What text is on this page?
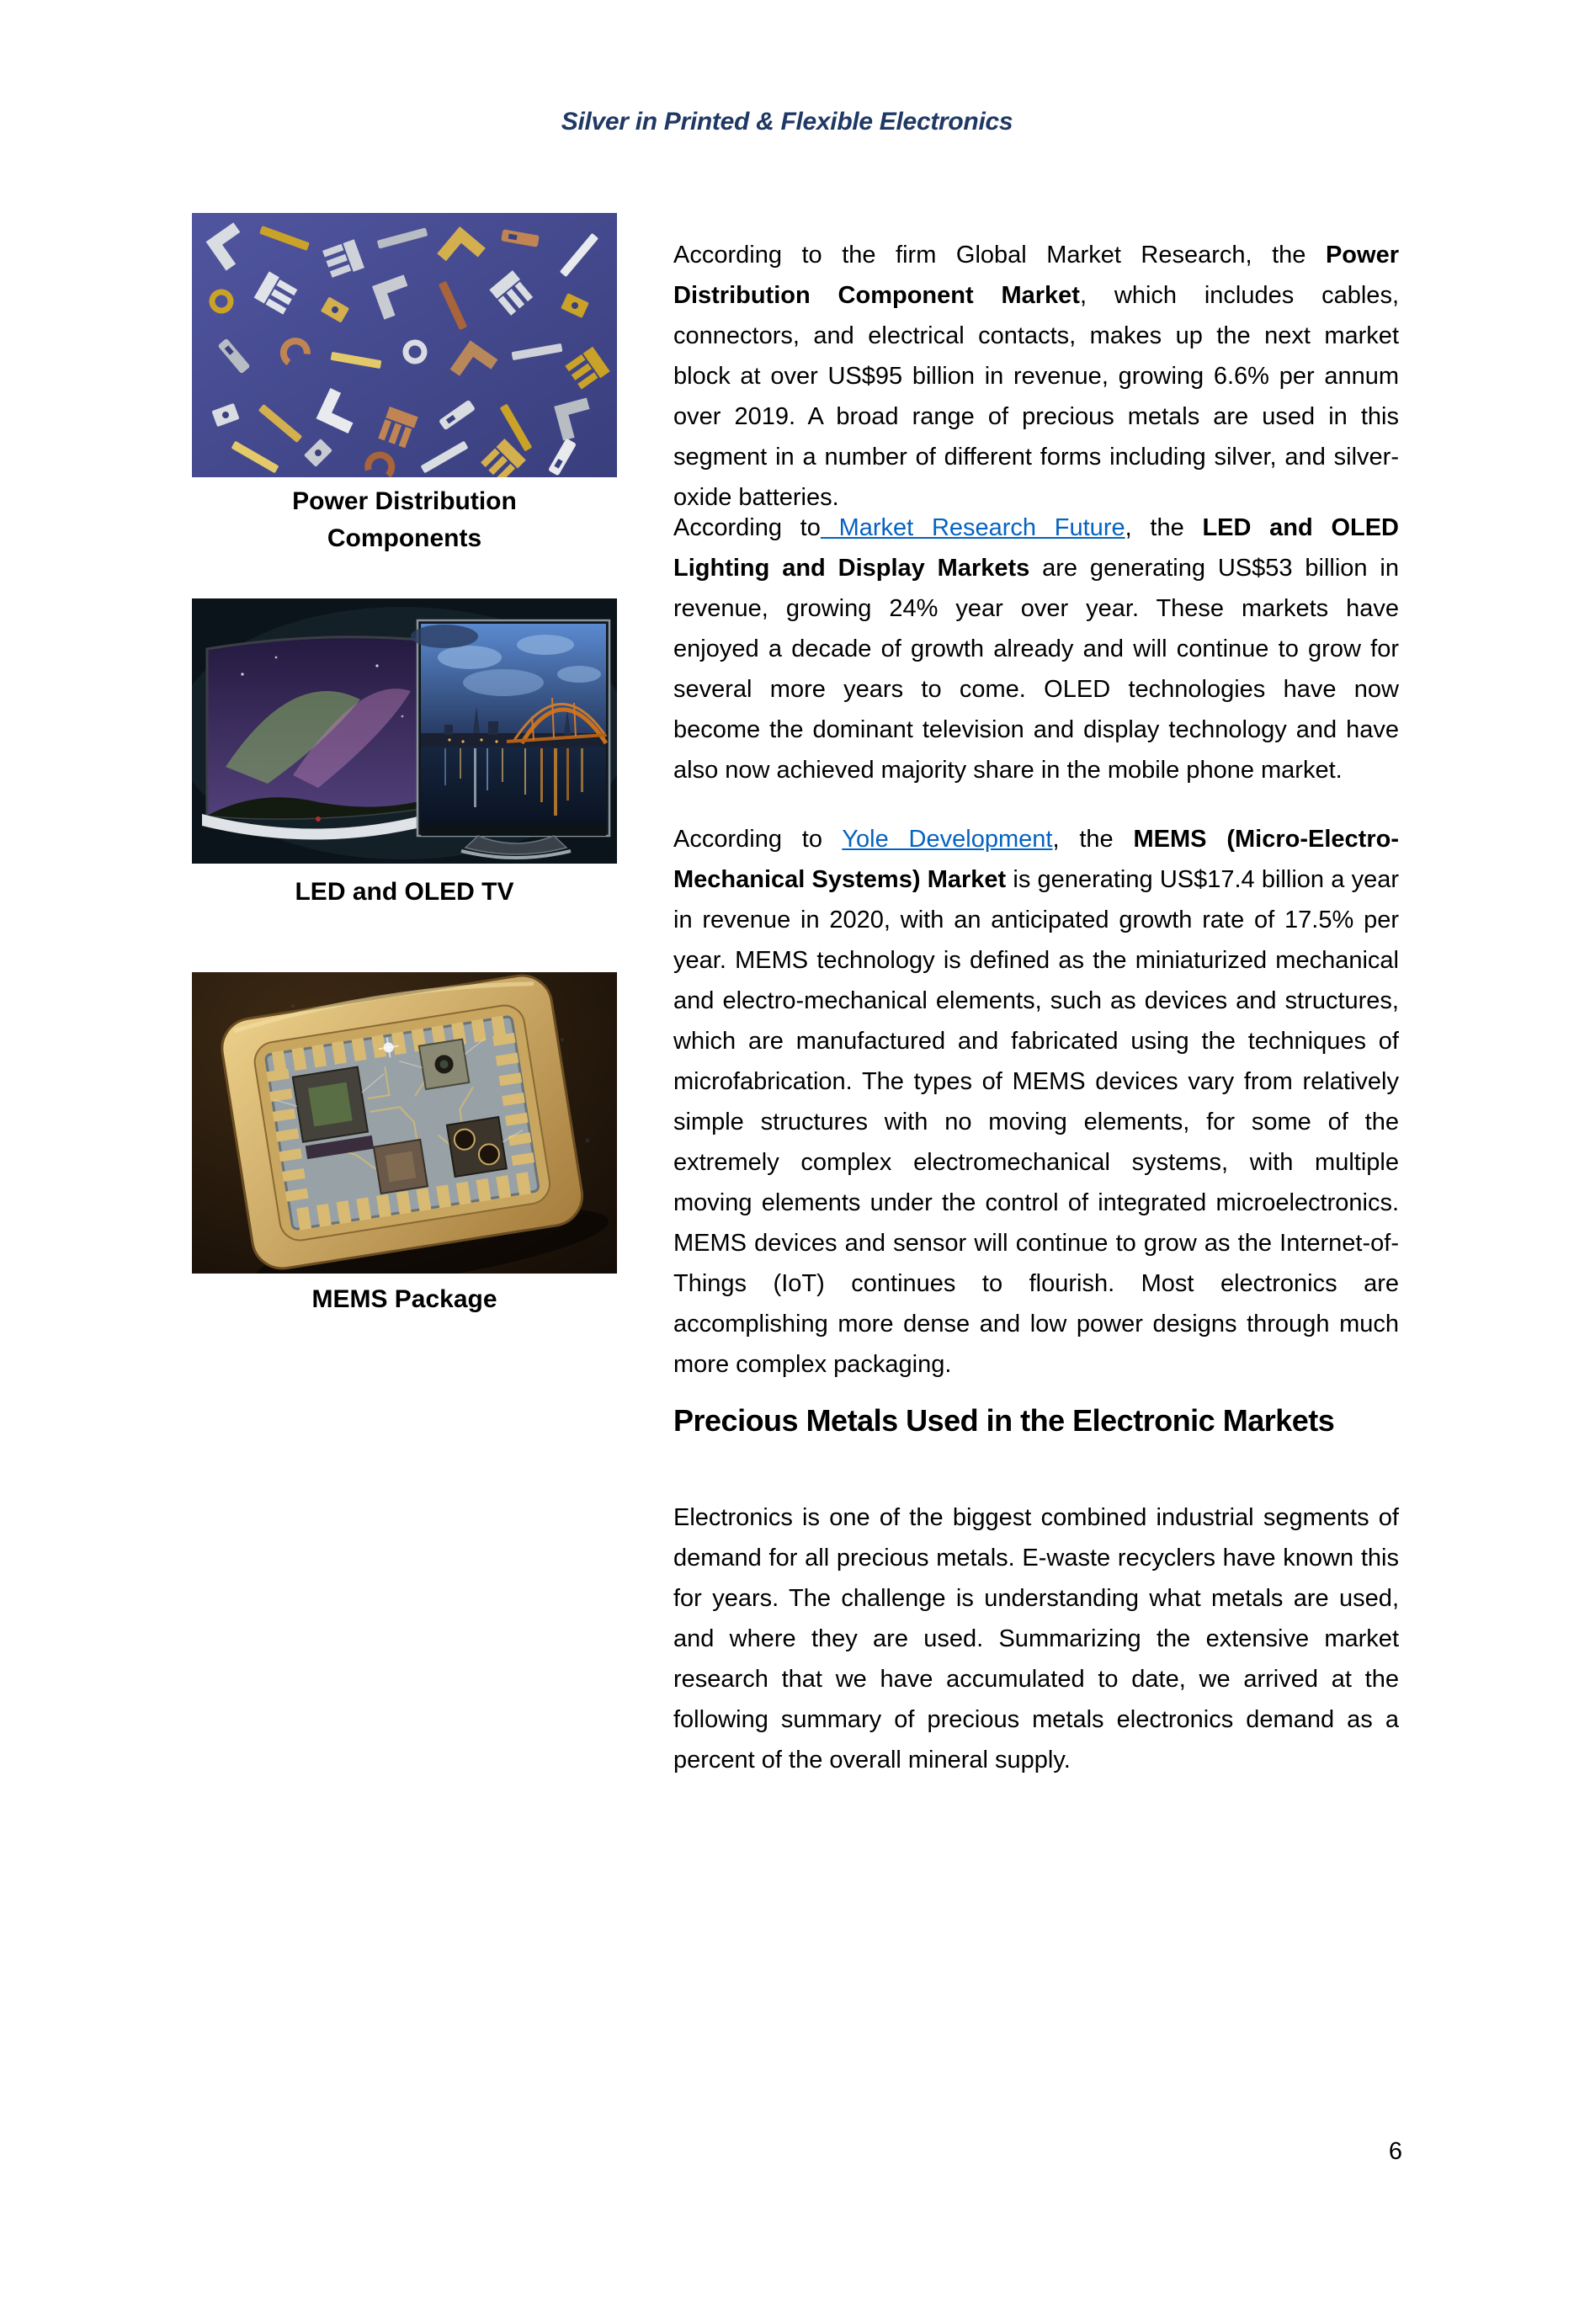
Silver in Printed & Flexible Electronics
Power Distribution
Components
LED and OLED TV
MEMS Package

According to the firm Global Market Research, the Power Distribution Component Market, which includes cables, connectors, and electrical contacts, makes up the next market block at over US$95 billion in revenue, growing 6.6% per annum over 2019. A broad range of precious metals are used in this segment in a number of different forms including silver, and silver-oxide batteries.

According to Market Research Future, the LED and OLED Lighting and Display Markets are generating US$53 billion in revenue, growing 24% year over year. These markets have enjoyed a decade of growth already and will continue to grow for several more years to come. OLED technologies have now become the dominant television and display technology and have also now achieved majority share in the mobile phone market.

According to Yole Development, the MEMS (Micro-Electro-Mechanical Systems) Market is generating US$17.4 billion a year in revenue in 2020, with an anticipated growth rate of 17.5% per year. MEMS technology is defined as the miniaturized mechanical and electro-mechanical elements, such as devices and structures, which are manufactured and fabricated using the techniques of microfabrication. The types of MEMS devices vary from relatively simple structures with no moving elements, for some of the extremely complex electromechanical systems, with multiple moving elements under the control of integrated microelectronics. MEMS devices and sensor will continue to grow as the Internet-of-Things (IoT) continues to flourish. Most electronics are accomplishing more dense and low power designs through much more complex packaging.

Precious Metals Used in the Electronic Markets

Electronics is one of the biggest combined industrial segments of demand for all precious metals. E-waste recyclers have known this for years. The challenge is understanding what metals are used, and where they are used. Summarizing the extensive market research that we have accumulated to date, we arrived at the following summary of precious metals electronics demand as a percent of the overall mineral supply.

6
